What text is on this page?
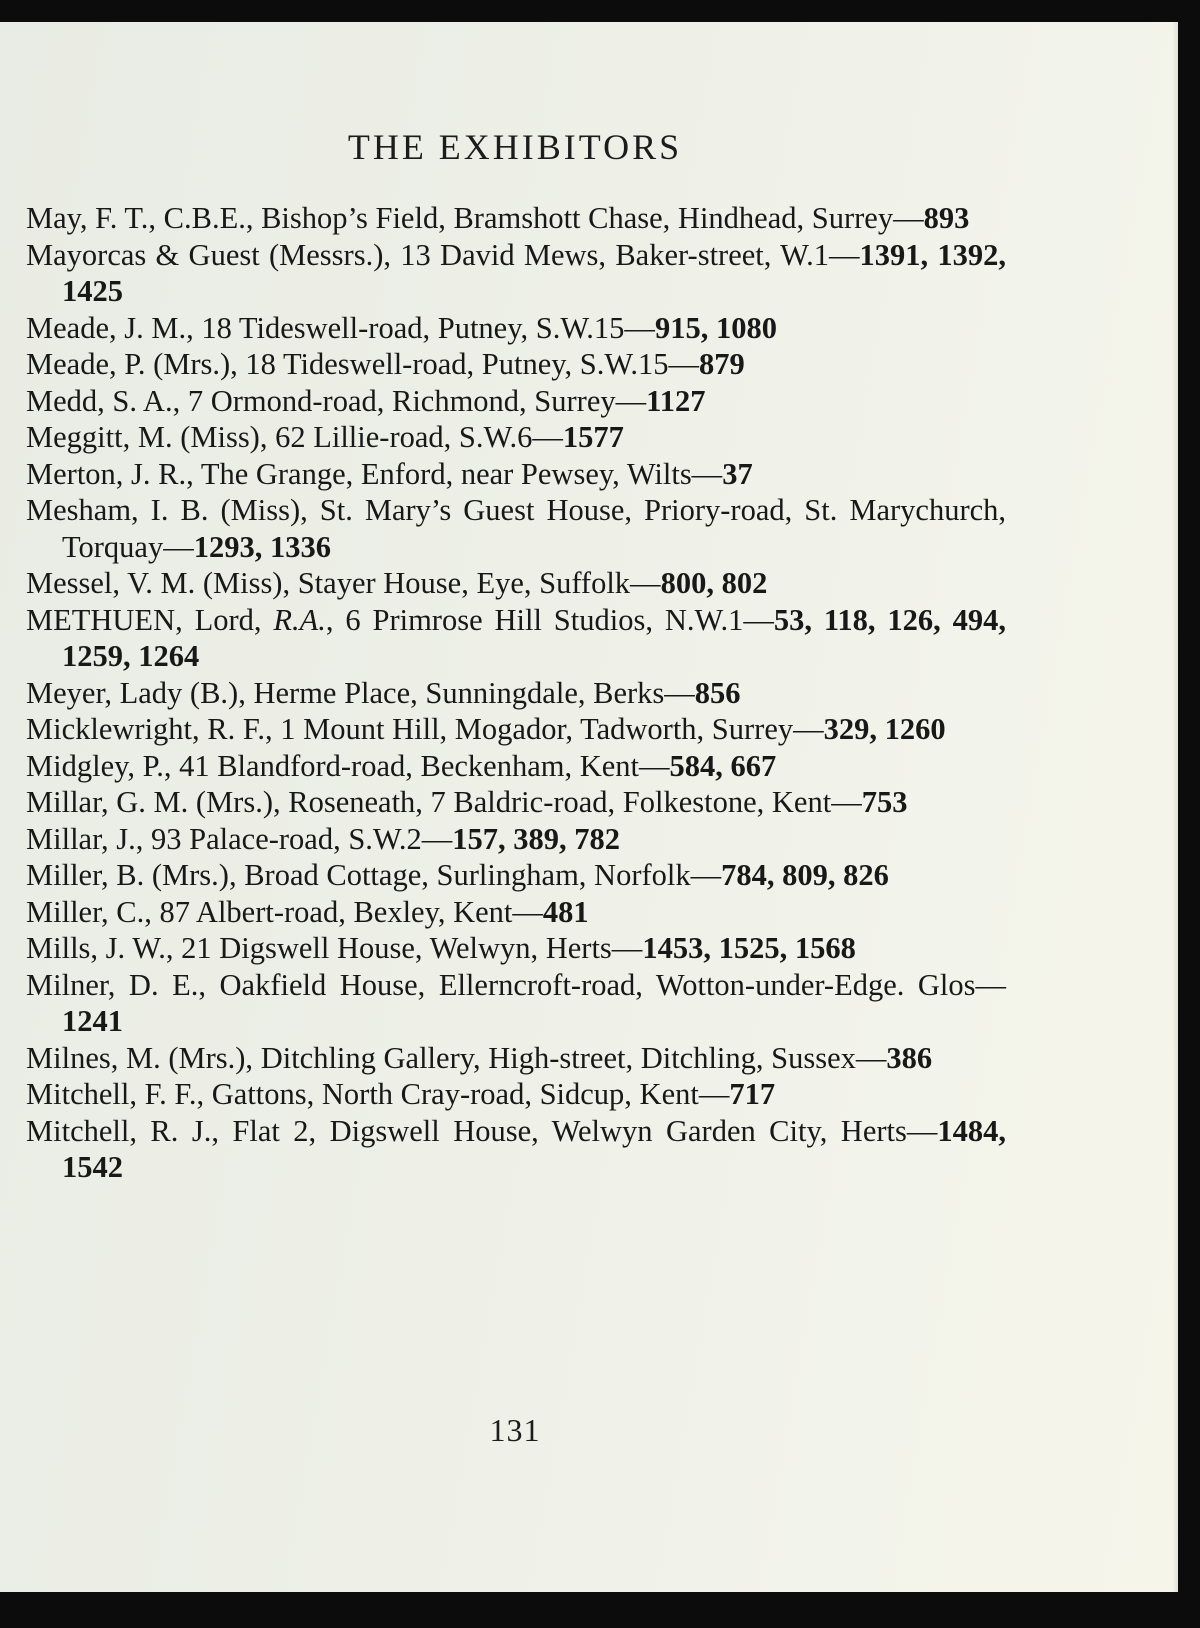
THE EXHIBITORS
May, F. T., C.B.E., Bishop’s Field, Bramshott Chase, Hindhead, Surrey—893
Mayorcas & Guest (Messrs.), 13 David Mews, Baker-street, W.1—1391, 1392, 1425
Meade, J. M., 18 Tideswell-road, Putney, S.W.15—915, 1080
Meade, P. (Mrs.), 18 Tideswell-road, Putney, S.W.15—879
Medd, S. A., 7 Ormond-road, Richmond, Surrey—1127
Meggitt, M. (Miss), 62 Lillie-road, S.W.6—1577
Merton, J. R., The Grange, Enford, near Pewsey, Wilts—37
Mesham, I. B. (Miss), St. Mary’s Guest House, Priory-road, St. Marychurch, Torquay—1293, 1336
Messel, V. M. (Miss), Stayer House, Eye, Suffolk—800, 802
METHUEN, Lord, R.A., 6 Primrose Hill Studios, N.W.1—53, 118, 126, 494, 1259, 1264
Meyer, Lady (B.), Herme Place, Sunningdale, Berks—856
Micklewright, R. F., 1 Mount Hill, Mogador, Tadworth, Surrey—329, 1260
Midgley, P., 41 Blandford-road, Beckenham, Kent—584, 667
Millar, G. M. (Mrs.), Roseneath, 7 Baldric-road, Folkestone, Kent—753
Millar, J., 93 Palace-road, S.W.2—157, 389, 782
Miller, B. (Mrs.), Broad Cottage, Surlingham, Norfolk—784, 809, 826
Miller, C., 87 Albert-road, Bexley, Kent—481
Mills, J. W., 21 Digswell House, Welwyn, Herts—1453, 1525, 1568
Milner, D. E., Oakfield House, Ellerncroft-road, Wotton-under-Edge. Glos—1241
Milnes, M. (Mrs.), Ditchling Gallery, High-street, Ditchling, Sussex—386
Mitchell, F. F., Gattons, North Cray-road, Sidcup, Kent—717
Mitchell, R. J., Flat 2, Digswell House, Welwyn Garden City, Herts—1484, 1542
131
